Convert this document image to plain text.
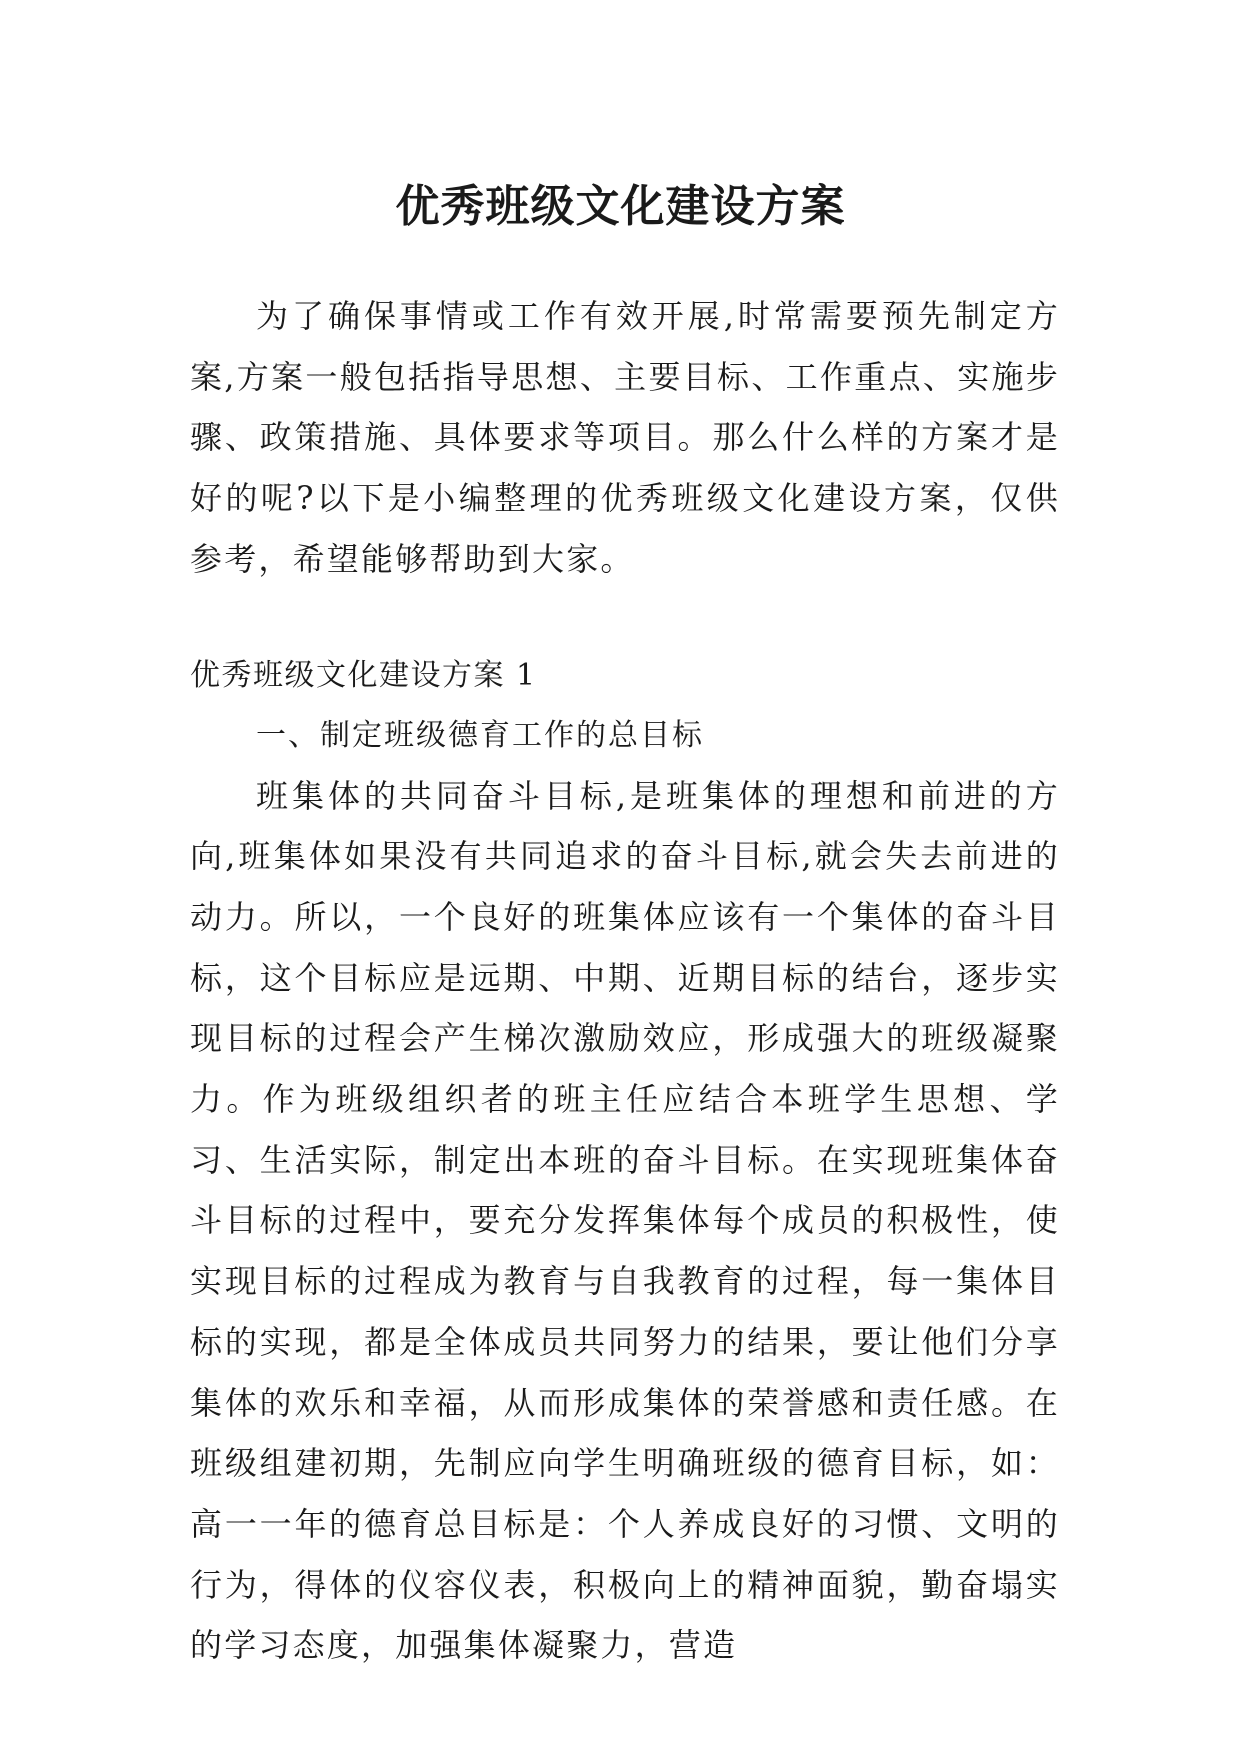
优秀班级文化建设方案

为了确保事情或工作有效开展,时常需要预先制定方案,方案一般包括指导思想、主要目标、工作重点、实施步骤、政策措施、具体要求等项目。那么什么样的方案才是好的呢?以下是小编整理的优秀班级文化建设方案，仅供参考，希望能够帮助到大家。

优秀班级文化建设方案 1

一、制定班级德育工作的总目标

班集体的共同奋斗目标,是班集体的理想和前进的方向,班集体如果没有共同追求的奋斗目标,就会失去前进的动力。所以，一个良好的班集体应该有一个集体的奋斗目标，这个目标应是远期、中期、近期目标的结台，逐步实现目标的过程会产生梯次激励效应，形成强大的班级凝聚力。作为班级组织者的班主任应结合本班学生思想、学习、生活实际，制定出本班的奋斗目标。在实现班集体奋斗目标的过程中，要充分发挥集体每个成员的积极性，使实现目标的过程成为教育与自我教育的过程，每一集体目标的实现，都是全体成员共同努力的结果，要让他们分享集体的欢乐和幸福，从而形成集体的荣誉感和责任感。在班级组建初期，先制应向学生明确班级的德育目标，如：高一一年的德育总目标是：个人养成良好的习惯、文明的行为，得体的仪容仪表，积极向上的精神面貌，勤奋塌实的学习态度，加强集体凝聚力，营造
